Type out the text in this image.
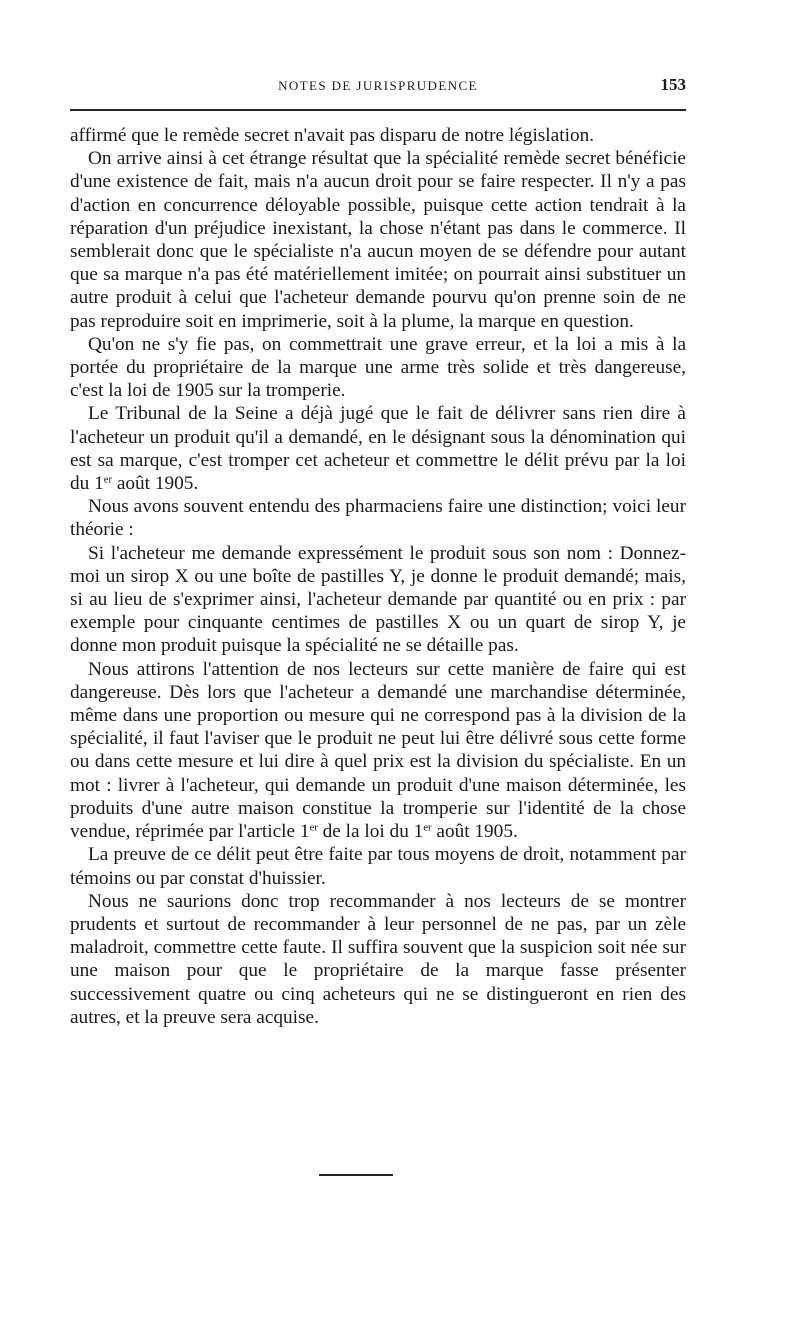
NOTES DE JURISPRUDENCE	153

affirmé que le remède secret n'avait pas disparu de notre législation.

On arrive ainsi à cet étrange résultat que la spécialité remède secret bénéficie d'une existence de fait, mais n'a aucun droit pour se faire respecter. Il n'y a pas d'action en concurrence déloyable possible, puisque cette action tendrait à la réparation d'un préjudice inexistant, la chose n'étant pas dans le commerce. Il semblerait donc que le spécialiste n'a aucun moyen de se défendre pour autant que sa marque n'a pas été matériellement imitée; on pourrait ainsi substituer un autre produit à celui que l'acheteur demande pourvu qu'on prenne soin de ne pas reproduire soit en imprimerie, soit à la plume, la marque en question.

Qu'on ne s'y fie pas, on commettrait une grave erreur, et la loi a mis à la portée du propriétaire de la marque une arme très solide et très dangereuse, c'est la loi de 1905 sur la tromperie.

Le Tribunal de la Seine a déjà jugé que le fait de délivrer sans rien dire à l'acheteur un produit qu'il a demandé, en le désignant sous la dénomination qui est sa marque, c'est tromper cet acheteur et commettre le délit prévu par la loi du 1er août 1905.

Nous avons souvent entendu des pharmaciens faire une distinction; voici leur théorie :

Si l'acheteur me demande expressément le produit sous son nom : Donnez-moi un sirop X ou une boîte de pastilles Y, je donne le produit demandé; mais, si au lieu de s'exprimer ainsi, l'acheteur demande par quantité ou en prix : par exemple pour cinquante centimes de pastilles X ou un quart de sirop Y, je donne mon produit puisque la spécialité ne se détaille pas.

Nous attirons l'attention de nos lecteurs sur cette manière de faire qui est dangereuse. Dès lors que l'acheteur a demandé une marchandise déterminée, même dans une proportion ou mesure qui ne correspond pas à la division de la spécialité, il faut l'aviser que le produit ne peut lui être délivré sous cette forme ou dans cette mesure et lui dire à quel prix est la division du spécialiste. En un mot : livrer à l'acheteur, qui demande un produit d'une maison déterminée, les produits d'une autre maison constitue la tromperie sur l'identité de la chose vendue, réprimée par l'article 1er de la loi du 1er août 1905.

La preuve de ce délit peut être faite par tous moyens de droit, notamment par témoins ou par constat d'huissier.

Nous ne saurions donc trop recommander à nos lecteurs de se montrer prudents et surtout de recommander à leur personnel de ne pas, par un zèle maladroit, commettre cette faute. Il suffira souvent que la suspicion soit née sur une maison pour que le propriétaire de la marque fasse présenter successivement quatre ou cinq acheteurs qui ne se distingueront en rien des autres, et la preuve sera acquise.
